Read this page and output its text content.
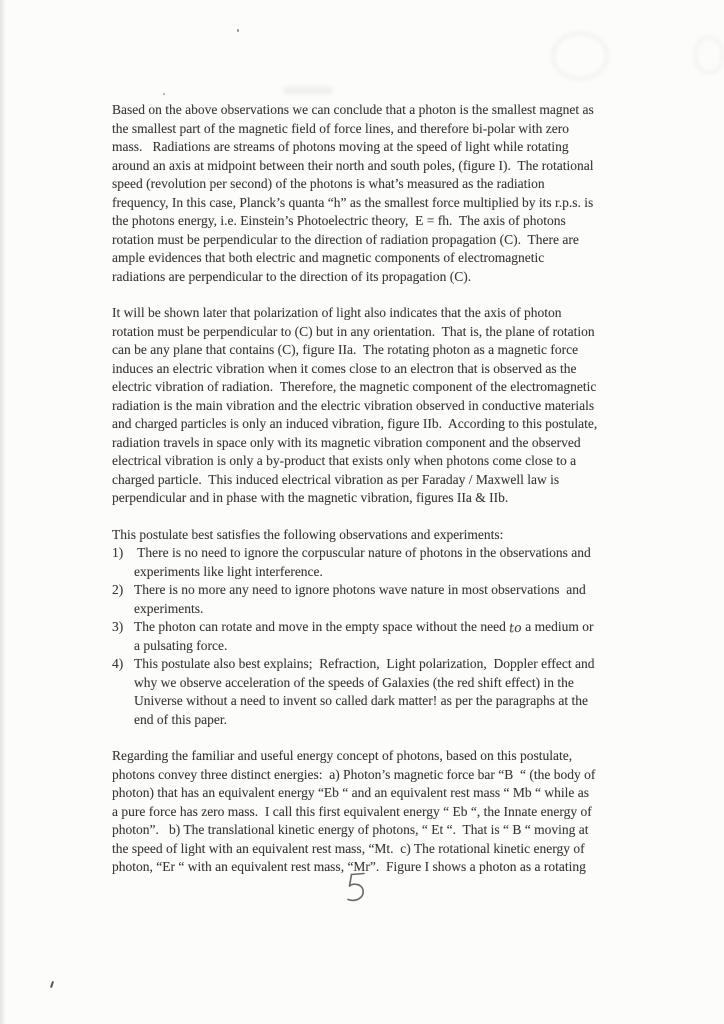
Based on the above observations we can conclude that a photon is the smallest magnet as
the smallest part of the magnetic field of force lines, and therefore bi-polar with zero
mass.   Radiations are streams of photons moving at the speed of light while rotating
around an axis at midpoint between their north and south poles, (figure I).  The rotational
speed (revolution per second) of the photons is what’s measured as the radiation
frequency, In this case, Planck’s quanta “h” as the smallest force multiplied by its r.p.s. is
the photons energy, i.e. Einstein’s Photoelectric theory,  E = fh.  The axis of photons
rotation must be perpendicular to the direction of radiation propagation (C).  There are
ample evidences that both electric and magnetic components of electromagnetic
radiations are perpendicular to the direction of its propagation (C).
It will be shown later that polarization of light also indicates that the axis of photon
rotation must be perpendicular to (C) but in any orientation.  That is, the plane of rotation
can be any plane that contains (C), figure IIa.  The rotating photon as a magnetic force
induces an electric vibration when it comes close to an electron that is observed as the
electric vibration of radiation.  Therefore, the magnetic component of the electromagnetic
radiation is the main vibration and the electric vibration observed in conductive materials
and charged particles is only an induced vibration, figure IIb.  According to this postulate,
radiation travels in space only with its magnetic vibration component and the observed
electrical vibration is only a by-product that exists only when photons come close to a
charged particle.  This induced electrical vibration as per Faraday / Maxwell law is
perpendicular and in phase with the magnetic vibration, figures IIa & IIb.
This postulate best satisfies the following observations and experiments:
1) There is no need to ignore the corpuscular nature of photons in the observations and
experiments like light interference.
2) There is no more any need to ignore photons wave nature in most observations  and
experiments.
3) The photon can rotate and move in the empty space without the need to a medium or
a pulsating force.
4) This postulate also best explains;  Refraction,  Light polarization,  Doppler effect and
why we observe acceleration of the speeds of Galaxies (the red shift effect) in the
Universe without a need to invent so called dark matter! as per the paragraphs at the
end of this paper.
Regarding the familiar and useful energy concept of photons, based on this postulate,
photons convey three distinct energies:  a) Photon’s magnetic force bar “B  “ (the body of
photon) that has an equivalent energy “Eb “ and an equivalent rest mass “ Mb “ while as
a pure force has zero mass.  I call this first equivalent energy “ Eb “, the Innate energy of
photon”.   b) The translational kinetic energy of photons, “ Et “.  That is “ B “ moving at
the speed of light with an equivalent rest mass, “Mt.  c) The rotational kinetic energy of
photon, “Er “ with an equivalent rest mass, “Mr”.  Figure I shows a photon as a rotating
